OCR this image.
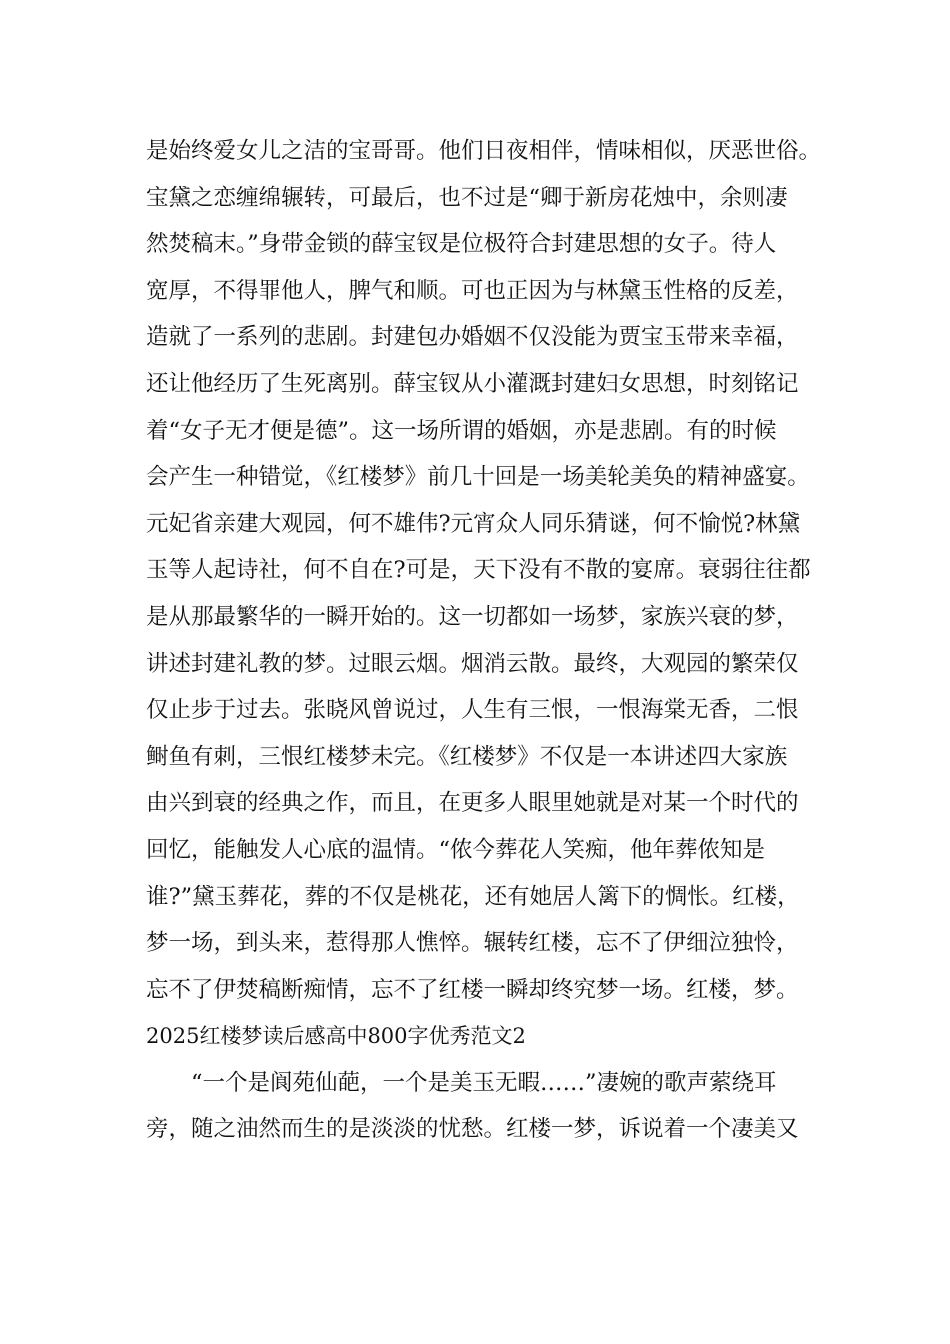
是始终爱女儿之洁的宝哥哥。他们日夜相伴，情味相似，厌恶世俗。
宝黛之恋缠绵辗转，可最后，也不过是“卿于新房花烛中，余则凄
然焚稿末。”身带金锁的薛宝钗是位极符合封建思想的女子。待人
宽厚，不得罪他人，脾气和顺。可也正因为与林黛玉性格的反差，
造就了一系列的悲剧。封建包办婚姻不仅没能为贾宝玉带来幸福，
还让他经历了生死离别。薛宝钗从小灌溉封建妇女思想，时刻铭记
着“女子无才便是德”。这一场所谓的婚姻，亦是悲剧。有的时候
会产生一种错觉，《红楼梦》前几十回是一场美轮美奂的精神盛宴。
元妃省亲建大观园，何不雄伟?元宵众人同乐猜谜，何不愉悦?林黛
玉等人起诗社，何不自在?可是，天下没有不散的宴席。衰弱往往都
是从那最繁华的一瞬开始的。这一切都如一场梦，家族兴衰的梦，
讲述封建礼教的梦。过眼云烟。烟消云散。最终，大观园的繁荣仅
仅止步于过去。张晓风曾说过，人生有三恨，一恨海棠无香，二恨
鲥鱼有刺，三恨红楼梦未完。《红楼梦》不仅是一本讲述四大家族
由兴到衰的经典之作，而且，在更多人眼里她就是对某一个时代的
回忆，能触发人心底的温情。“侬今葬花人笑痴，他年葬侬知是
谁?”黛玉葬花，葬的不仅是桃花，还有她居人篱下的惆怅。红楼，
梦一场，到头来，惹得那人憔悴。辗转红楼，忘不了伊细泣独怜，
忘不了伊焚稿断痴情，忘不了红楼一瞬却终究梦一场。红楼，梦。
2025红楼梦读后感高中800字优秀范文2
“一个是阆苑仙葩，一个是美玉无暇……”凄婉的歌声萦绕耳
旁，随之油然而生的是淡淡的忧愁。红楼一梦，诉说着一个凄美又
